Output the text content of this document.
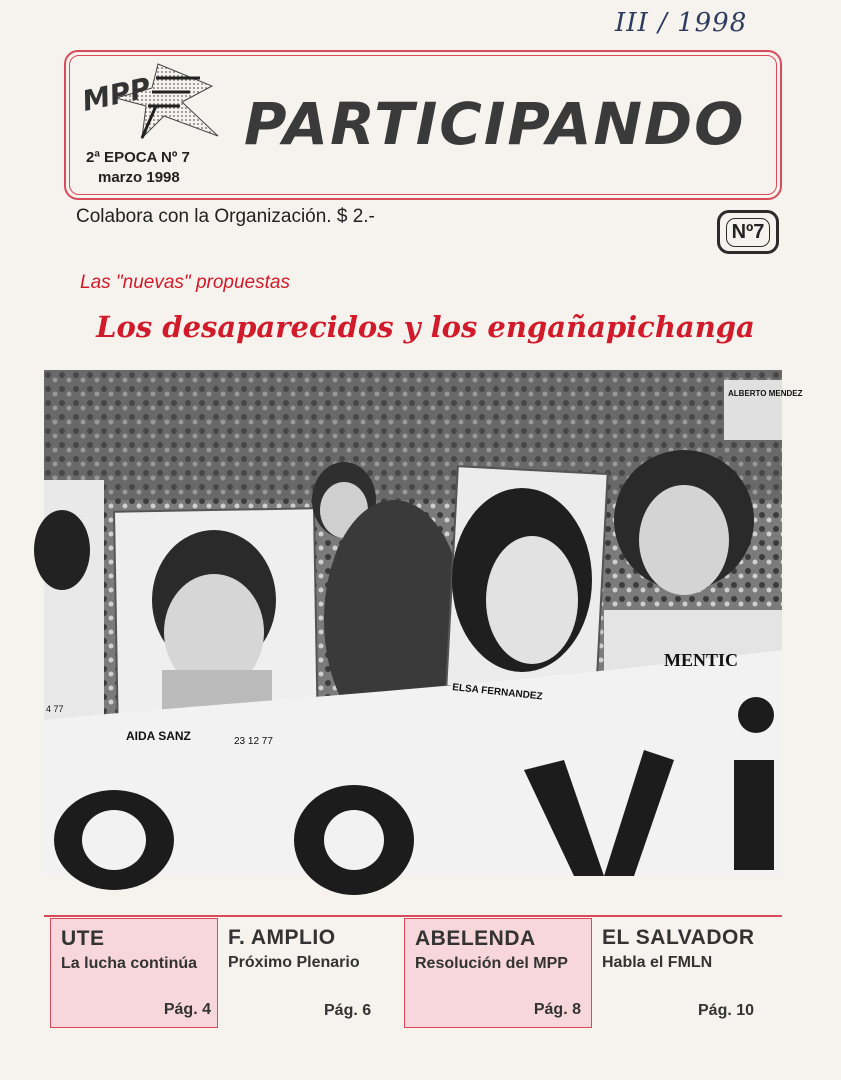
III / 1998
MPP
2ª EPOCA Nº 7
marzo 1998
PARTICIPANDO
Colabora con la Organización. $ 2.-
Nº7
Las "nuevas" propuestas
Los desaparecidos y los engañapichanga
AIDA SANZ	23 12 77
ELSA FERNANDEZ
ALBERTO MENDEZ
MENTIC
4 77
UTE
La lucha continúa
Pág. 4
F. AMPLIO
Próximo Plenario
Pág. 6
ABELENDA
Resolución del MPP
Pág. 8
EL SALVADOR
Habla el FMLN
Pág. 10
